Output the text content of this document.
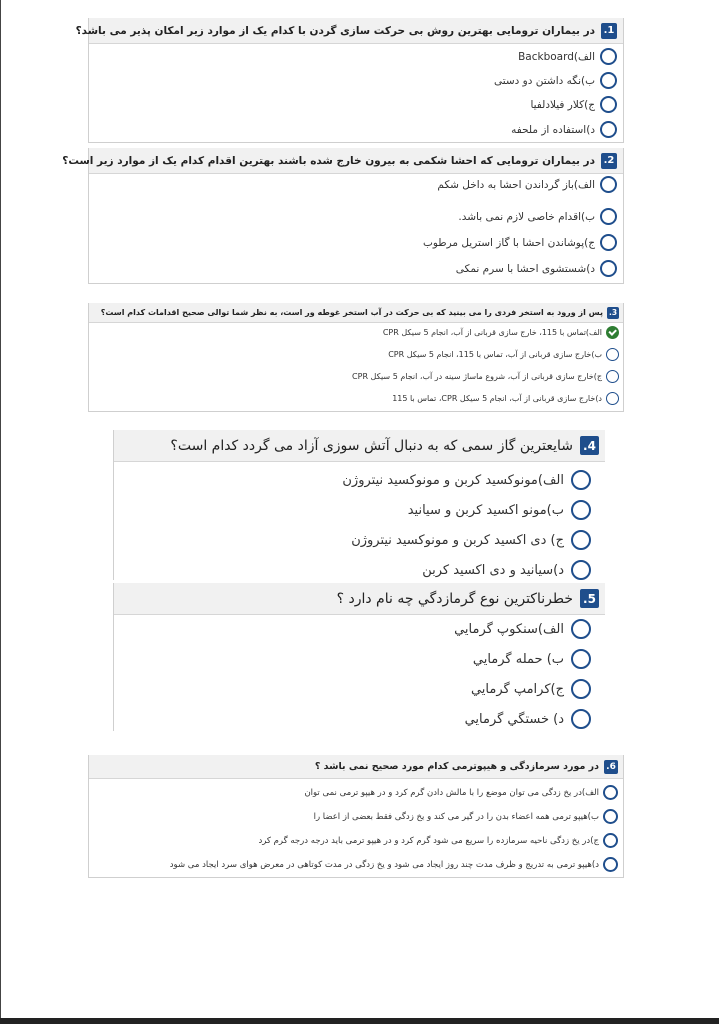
1.
در بیماران ترومایی بهترین روش بی حرکت سازی گردن با کدام یک از موارد زیر امکان پذیر می باشد؟
الف)Backboard
ب)نگه داشتن دو دستی
ج)کلار فیلادلفیا
د)استفاده از ملحفه
2.
در بیماران ترومایی که احشا شکمی به بیرون خارج شده باشند بهترین اقدام کدام یک از موارد زیر است؟
الف)باز گرداندن احشا به داخل شکم
ب)اقدام خاصی لازم نمی باشد.
ج)پوشاندن احشا با گاز استریل مرطوب
د)شستشوی احشا با سرم نمکی
3.
پس از ورود به استخر فردی را می بینید که بی حرکت در آب استخر غوطه ور است، به نظر شما توالی صحیح اقدامات کدام است؟
الف)تماس با 115، خارج سازی قربانی از آب، انجام 5 سیکل CPR
ب)خارج سازی قربانی از آب، تماس با 115، انجام 5 سیکل CPR
ج)خارج سازی قربانی از آب، شروع ماساژ سینه در آب، انجام 5 سیکل CPR
د)خارج سازی قربانی از آب، انجام 5 سیکل CPR، تماس با 115
4.
شایعترین گاز سمی که به دنبال آتش سوزی آزاد می گردد کدام است؟
الف)مونوکسید کربن و مونوکسید نیتروژن
ب)مونو اکسید کربن و سیانید
ج) دی اکسید کربن و مونوکسید نیتروژن
د)سیانید و دی اکسید کربن
5.
خطرناکترین نوع گرمازدگي چه نام دارد ؟
الف)سنکوپ گرمایي
ب) حمله گرمایي
ج)کرامپ گرمایي
د) خستگي گرمایي
6.
در مورد سرمازدگی و هیپوترمی کدام مورد صحیح نمی باشد ؟
الف)در یخ زدگی می توان موضع را با مالش دادن گرم کرد و در هیپو ترمی نمی توان
ب)هیپو ترمی همه اعضاء بدن را در گیر می کند و یخ زدگی فقط بعضی از اعضا را
ج)در یخ زدگی ناحیه سرمازده را سریع می شود گرم کرد و در هیپو ترمی باید درجه درجه گرم کرد
د)هیپو ترمی به تدریج و ظرف مدت چند روز ایجاد می شود و یخ زدگی در مدت کوتاهی در معرض هوای سرد ایجاد می شود
